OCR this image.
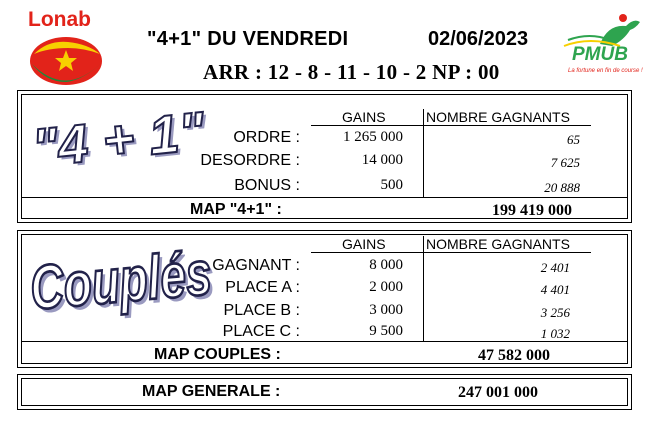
Lonab
PMUB
La fortune en fin de course !
"4+1" DU VENDREDI	02/06/2023
ARR : 12 - 8 - 11 - 10 - 2 NP : 00
"4 + 1"	GAINS	NOMBRE GAGNANTS
ORDRE :	1 265 000	65
DESORDRE :	14 000	7 625
BONUS :	500	20 888
MAP "4+1" :	199 419 000
Couplés	GAINS	NOMBRE GAGNANTS
GAGNANT :	8 000	2 401
PLACE A :	2 000	4 401
PLACE B :	3 000	3 256
PLACE C :	9 500	1 032
MAP COUPLES :	47 582 000
MAP GENERALE :	247 001 000
